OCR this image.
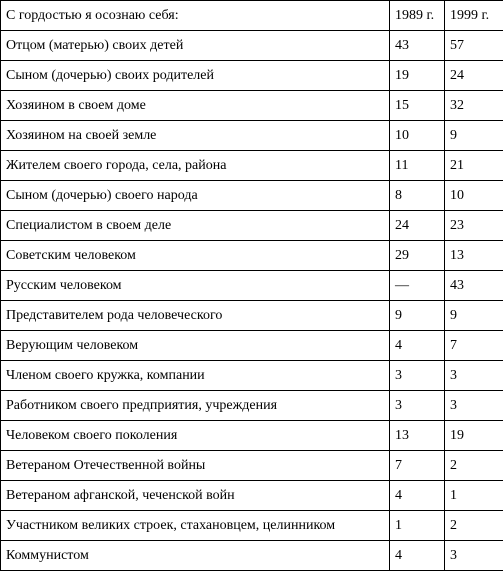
С гордостью я осознаю себя:	1989 г.	1999 г.
Отцом (матерью) своих детей	43	57
Сыном (дочерью) своих родителей	19	24
Хозяином в своем доме	15	32
Хозяином на своей земле	10	9
Жителем своего города, села, района	11	21
Сыном (дочерью) своего народа	8	10
Специалистом в своем деле	24	23
Советским человеком	29	13
Русским человеком	—	43
Представителем рода человеческого	9	9
Верующим человеком	4	7
Членом своего кружка, компании	3	3
Работником своего предприятия, учреждения	3	3
Человеком своего поколения	13	19
Ветераном Отечественной войны	7	2
Ветераном афганской, чеченской войн	4	1
Участником великих строек, стахановцем, целинником	1	2
Коммунистом	4	3
